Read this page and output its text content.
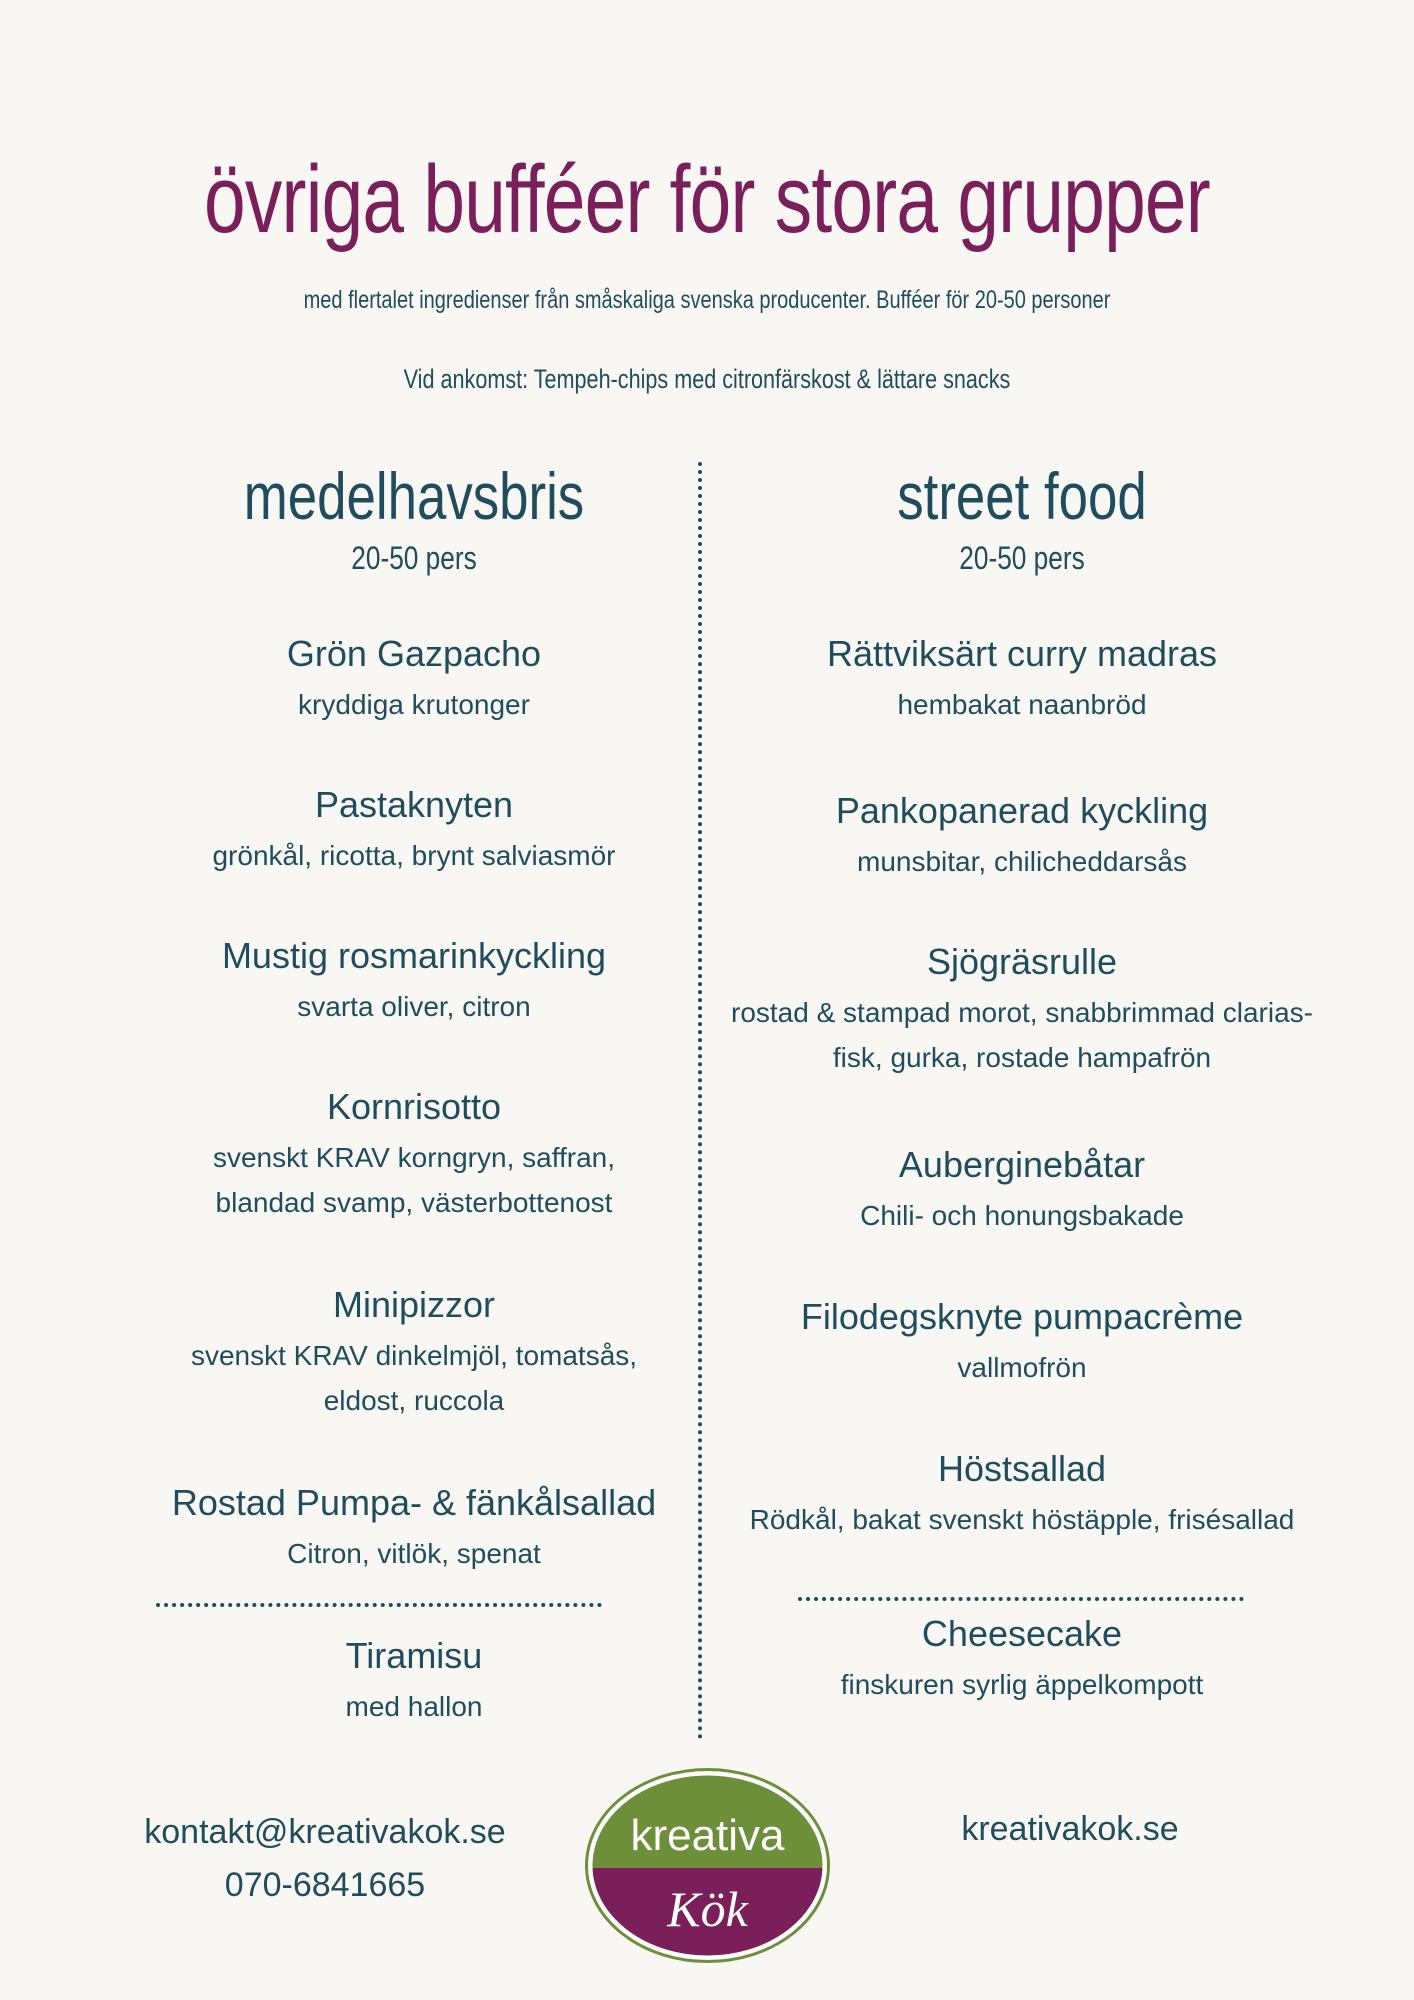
övriga bufféer för stora grupper
med flertalet ingredienser från småskaliga svenska producenter. Bufféer för 20-50 personer
Vid ankomst: Tempeh-chips med citronfärskost & lättare snacks
medelhavsbris
20-50 pers
Grön Gazpacho
kryddiga krutonger
Pastaknyten
grönkål, ricotta, brynt salviasmör
Mustig rosmarinkyckling
svarta oliver, citron
Kornrisotto
svenskt KRAV korngryn, saffran, blandad svamp, västerbottenost
Minipizzor
svenskt KRAV dinkelmjöl, tomatsås, eldost, ruccola
Rostad Pumpa- & fänkålsallad
Citron, vitlök, spenat
Tiramisu
med hallon
street food
20-50 pers
Rättviksärt curry madras
hembakat naanbröd
Pankopanerad kyckling
munsbitar, chilicheddarsås
Sjögräsrulle
rostad & stampad morot, snabbrimmad clarias-fisk, gurka, rostade hampafrön
Auberginebåtar
Chili- och honungsbakade
Filodegsknyte pumpacrème
vallmofrön
Höstsallad
Rödkål, bakat svenskt höstäpple, frisésallad
Cheesecake
finskuren syrlig äppelkompott
kontakt@kreativakok.se
070-6841665
kreativa
Kök
kreativakok.se
